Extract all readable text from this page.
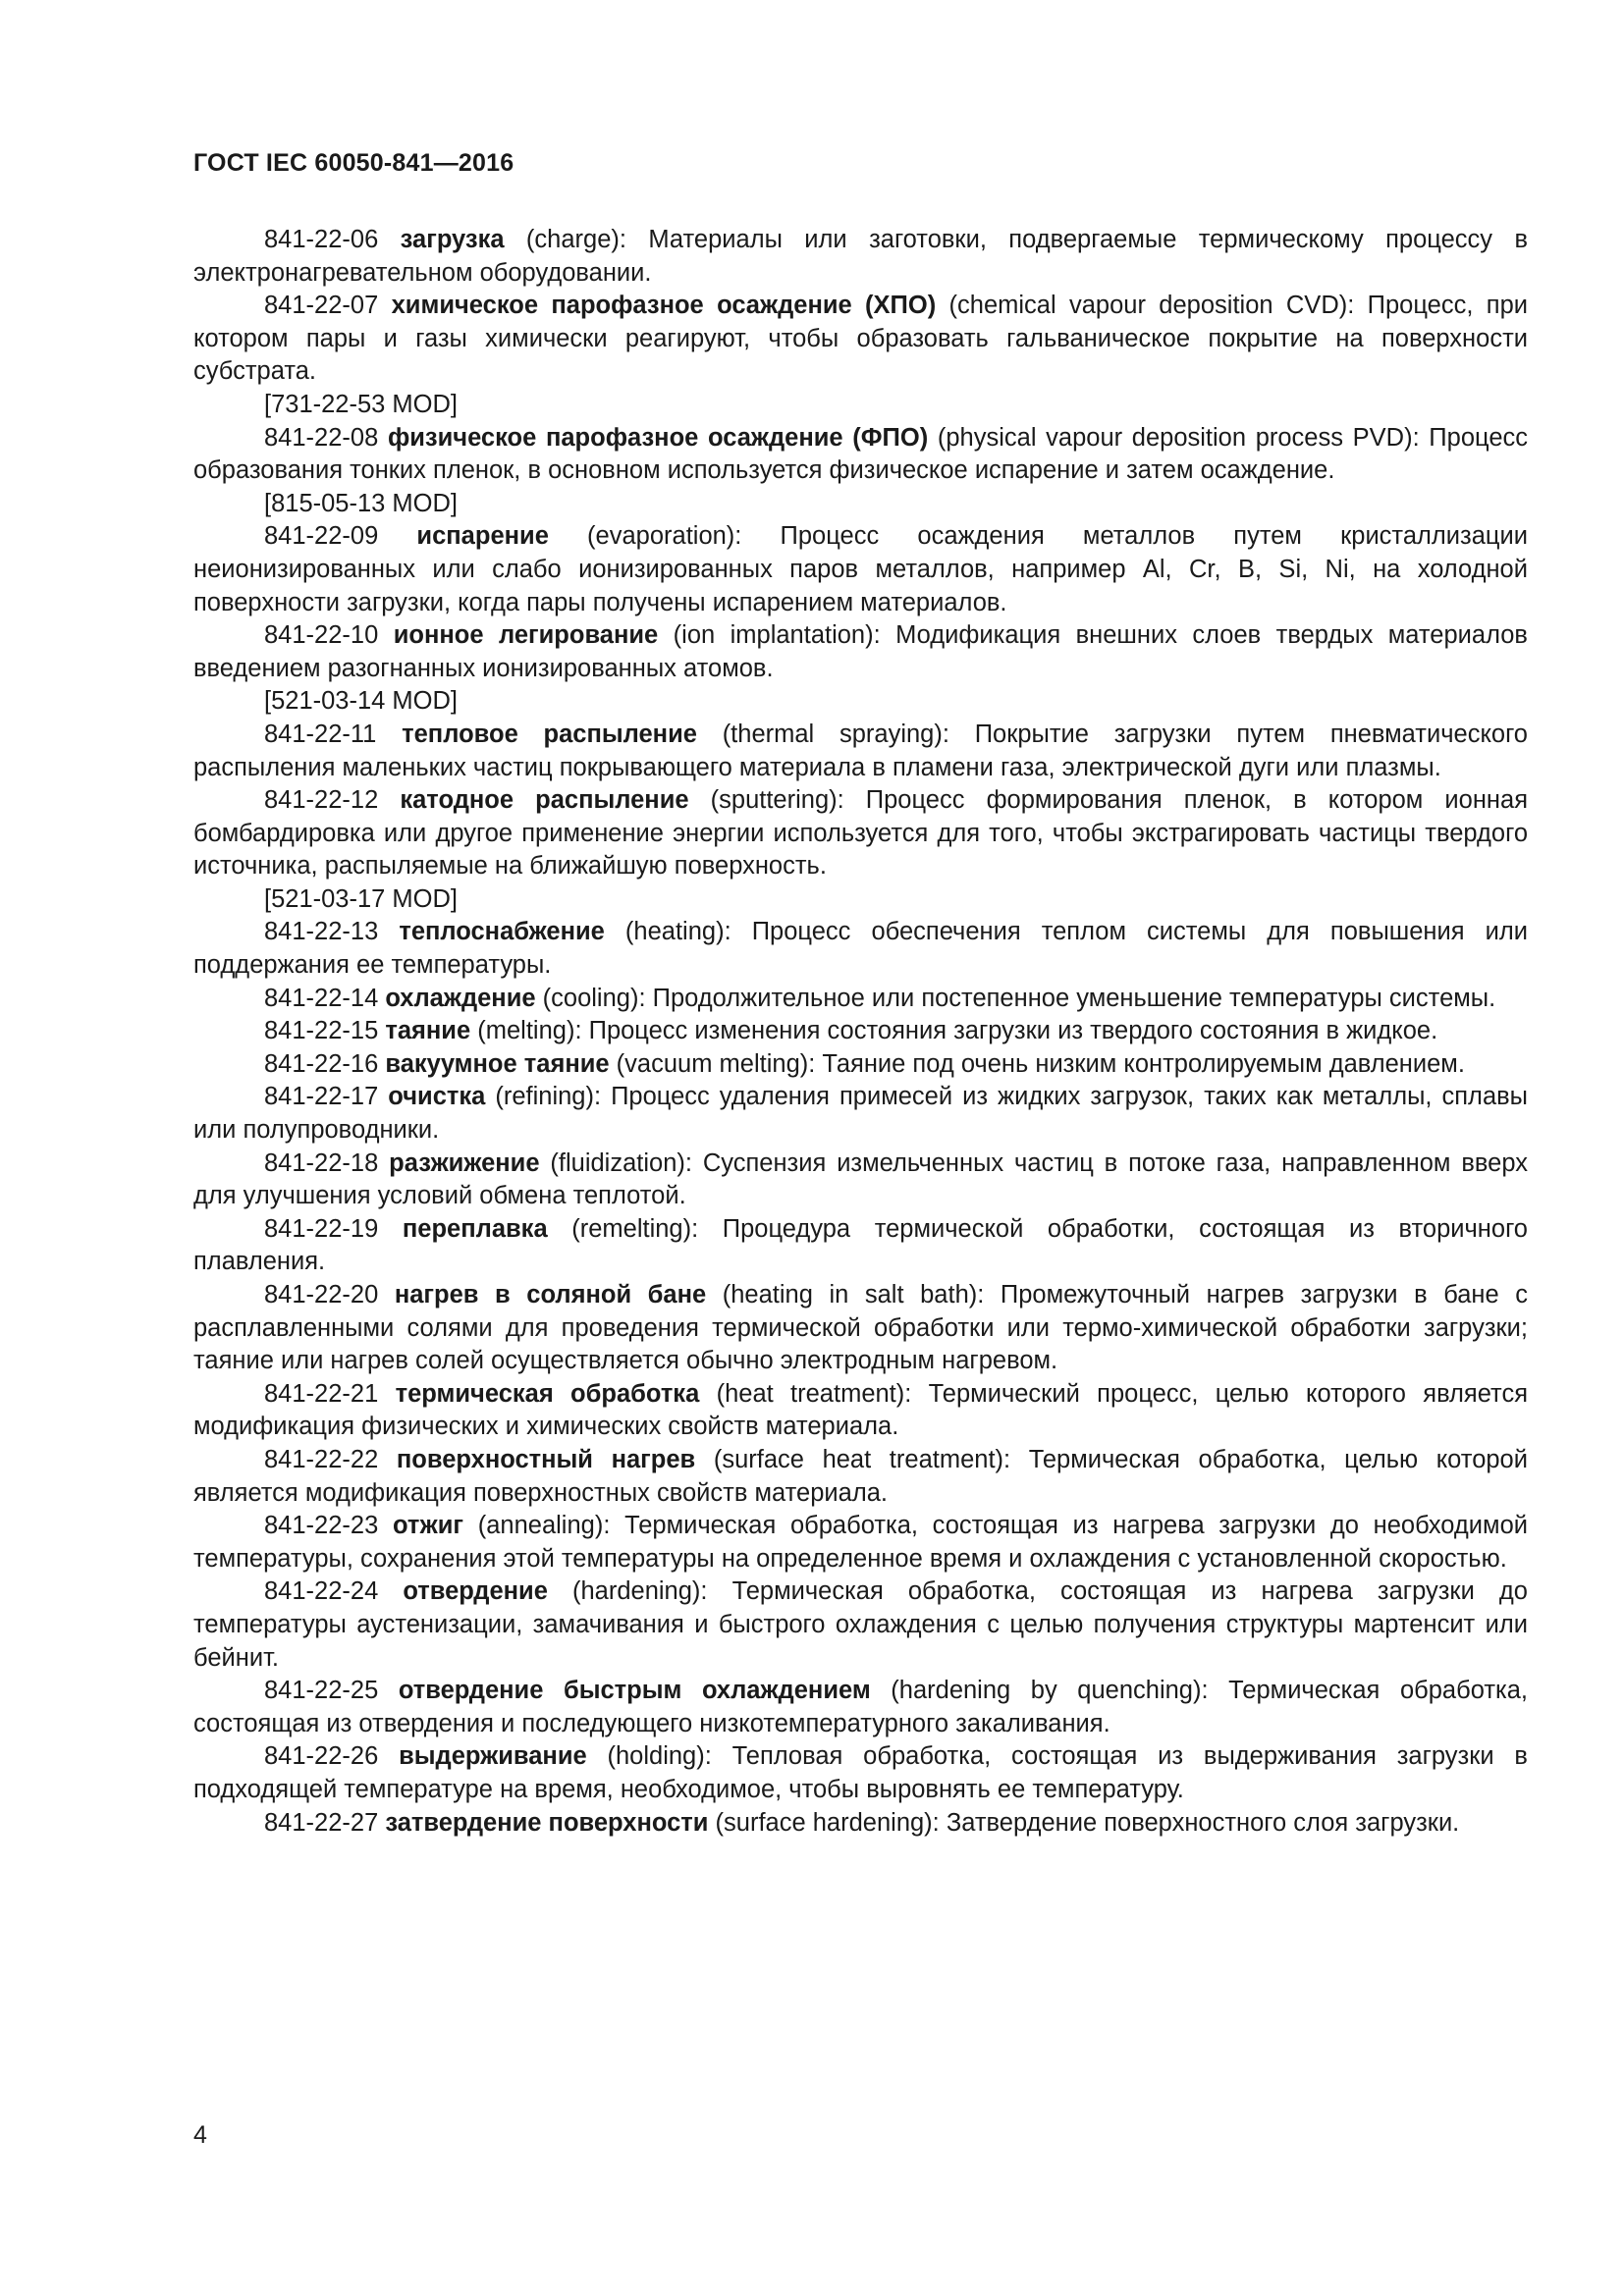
ГОСТ IEC 60050-841—2016

841-22-06 загрузка (charge): Материалы или заготовки, подвергаемые термическому процессу в электронагревательном оборудовании.

841-22-07 химическое парофазное осаждение (ХПО) (chemical vapour deposition CVD): Процесс, при котором пары и газы химически реагируют, чтобы образовать гальваническое покрытие на поверхности субстрата.

[731-22-53 MOD]

841-22-08 физическое парофазное осаждение (ФПО) (physical vapour deposition process PVD): Процесс образования тонких пленок, в основном используется физическое испарение и затем осаждение.

[815-05-13 MOD]

841-22-09 испарение (evaporation): Процесс осаждения металлов путем кристаллизации неионизированных или слабо ионизированных паров металлов, например Al, Cr, B, Si, Ni, на холодной поверхности загрузки, когда пары получены испарением материалов.

841-22-10 ионное легирование (ion implantation): Модификация внешних слоев твердых материалов введением разогнанных ионизированных атомов.

[521-03-14 MOD]

841-22-11 тепловое распыление (thermal spraying): Покрытие загрузки путем пневматического распыления маленьких частиц покрывающего материала в пламени газа, электрической дуги или плазмы.

841-22-12 катодное распыление (sputtering): Процесс формирования пленок, в котором ионная бомбардировка или другое применение энергии используется для того, чтобы экстрагировать частицы твердого источника, распыляемые на ближайшую поверхность.

[521-03-17 MOD]

841-22-13 теплоснабжение (heating): Процесс обеспечения теплом системы для повышения или поддержания ее температуры.

841-22-14 охлаждение (cooling): Продолжительное или постепенное уменьшение температуры системы.

841-22-15 таяние (melting): Процесс изменения состояния загрузки из твердого состояния в жидкое.

841-22-16 вакуумное таяние (vacuum melting): Таяние под очень низким контролируемым давлением.

841-22-17 очистка (refining): Процесс удаления примесей из жидких загрузок, таких как металлы, сплавы или полупроводники.

841-22-18 разжижение (fluidization): Суспензия измельченных частиц в потоке газа, направленном вверх для улучшения условий обмена теплотой.

841-22-19 переплавка (remelting): Процедура термической обработки, состоящая из вторичного плавления.

841-22-20 нагрев в соляной бане (heating in salt bath): Промежуточный нагрев загрузки в бане с расплавленными солями для проведения термической обработки или термо-химической обработки загрузки; таяние или нагрев солей осуществляется обычно электродным нагревом.

841-22-21 термическая обработка (heat treatment): Термический процесс, целью которого является модификация физических и химических свойств материала.

841-22-22 поверхностный нагрев (surface heat treatment): Термическая обработка, целью которой является модификация поверхностных свойств материала.

841-22-23 отжиг (annealing): Термическая обработка, состоящая из нагрева загрузки до необходимой температуры, сохранения этой температуры на определенное время и охлаждения с установленной скоростью.

841-22-24 отвердение (hardening): Термическая обработка, состоящая из нагрева загрузки до температуры аустенизации, замачивания и быстрого охлаждения с целью получения структуры мартенсит или бейнит.

841-22-25 отвердение быстрым охлаждением (hardening by quenching): Термическая обработка, состоящая из отвердения и последующего низкотемпературного закаливания.

841-22-26 выдерживание (holding): Тепловая обработка, состоящая из выдерживания загрузки в подходящей температуре на время, необходимое, чтобы выровнять ее температуру.

841-22-27 затвердение поверхности (surface hardening): Затвердение поверхностного слоя загрузки.

4
